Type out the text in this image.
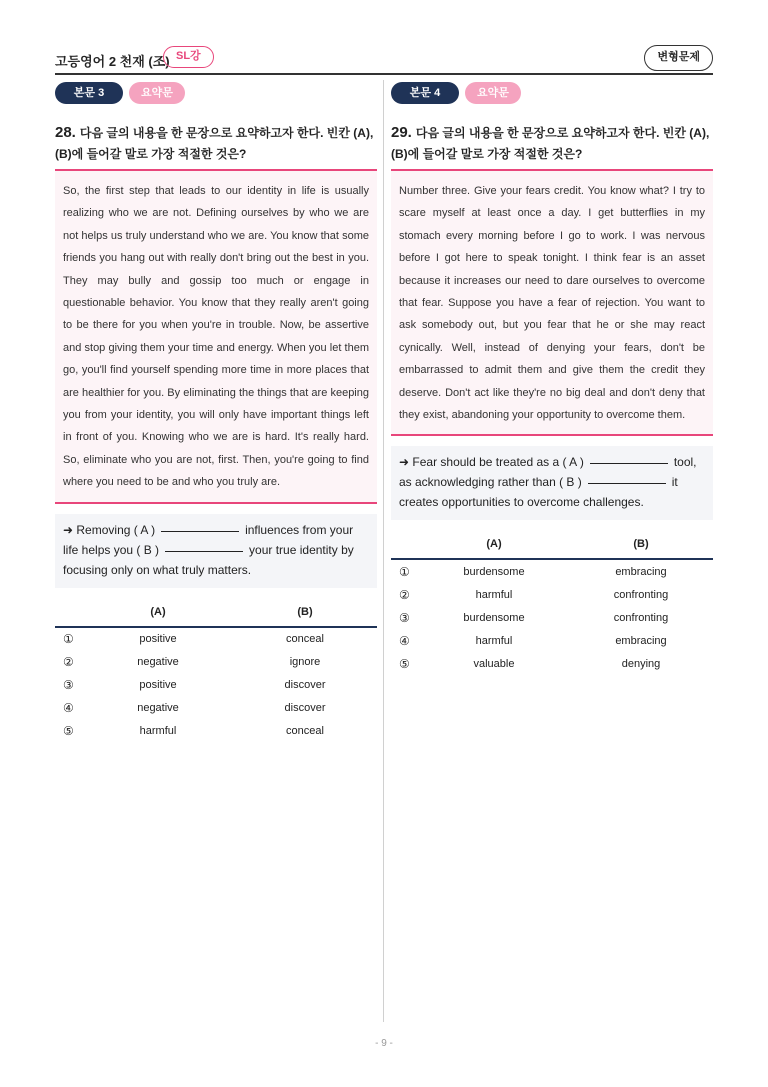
고등영어 2 천재 (조) SL강	변형문제
본문 3	요약문
28. 다음 글의 내용을 한 문장으로 요약하고자 한다. 빈칸 (A), (B)에 들어갈 말로 가장 적절한 것은?
So, the first step that leads to our identity in life is usually realizing who we are not. Defining ourselves by who we are not helps us truly understand who we are. You know that some friends you hang out with really don't bring out the best in you. They may bully and gossip too much or engage in questionable behavior. You know that they really aren't going to be there for you when you're in trouble. Now, be assertive and stop giving them your time and energy. When you let them go, you'll find yourself spending more time in more places that are healthier for you. By eliminating the things that are keeping you from your identity, you will only have important things left in front of you. Knowing who we are is hard. It's really hard. So, eliminate who you are not, first. Then, you're going to find where you need to be and who you truly are.
➜ Removing ( A )	influences from your life helps you ( B )	your true identity by focusing only on what truly matters.
(A)	(B)
①	positive	conceal
②	negative	ignore
③	positive	discover
④	negative	discover
⑤	harmful	conceal
본문 4	요약문
29. 다음 글의 내용을 한 문장으로 요약하고자 한다. 빈칸 (A), (B)에 들어갈 말로 가장 적절한 것은?
Number three. Give your fears credit. You know what? I try to scare myself at least once a day. I get butterflies in my stomach every morning before I go to work. I was nervous before I got here to speak tonight. I think fear is an asset because it increases our need to dare ourselves to overcome that fear. Suppose you have a fear of rejection. You want to ask somebody out, but you fear that he or she may react cynically. Well, instead of denying your fears, don't be embarrassed to admit them and give them the credit they deserve. Don't act like they're no big deal and don't deny that they exist, abandoning your opportunity to overcome them.
➜ Fear should be treated as a ( A )	tool, as acknowledging rather than ( B )	it creates opportunities to overcome challenges.
(A)	(B)
①	burdensome	embracing
②	harmful	confronting
③	burdensome	confronting
④	harmful	embracing
⑤	valuable	denying
- 9 -
